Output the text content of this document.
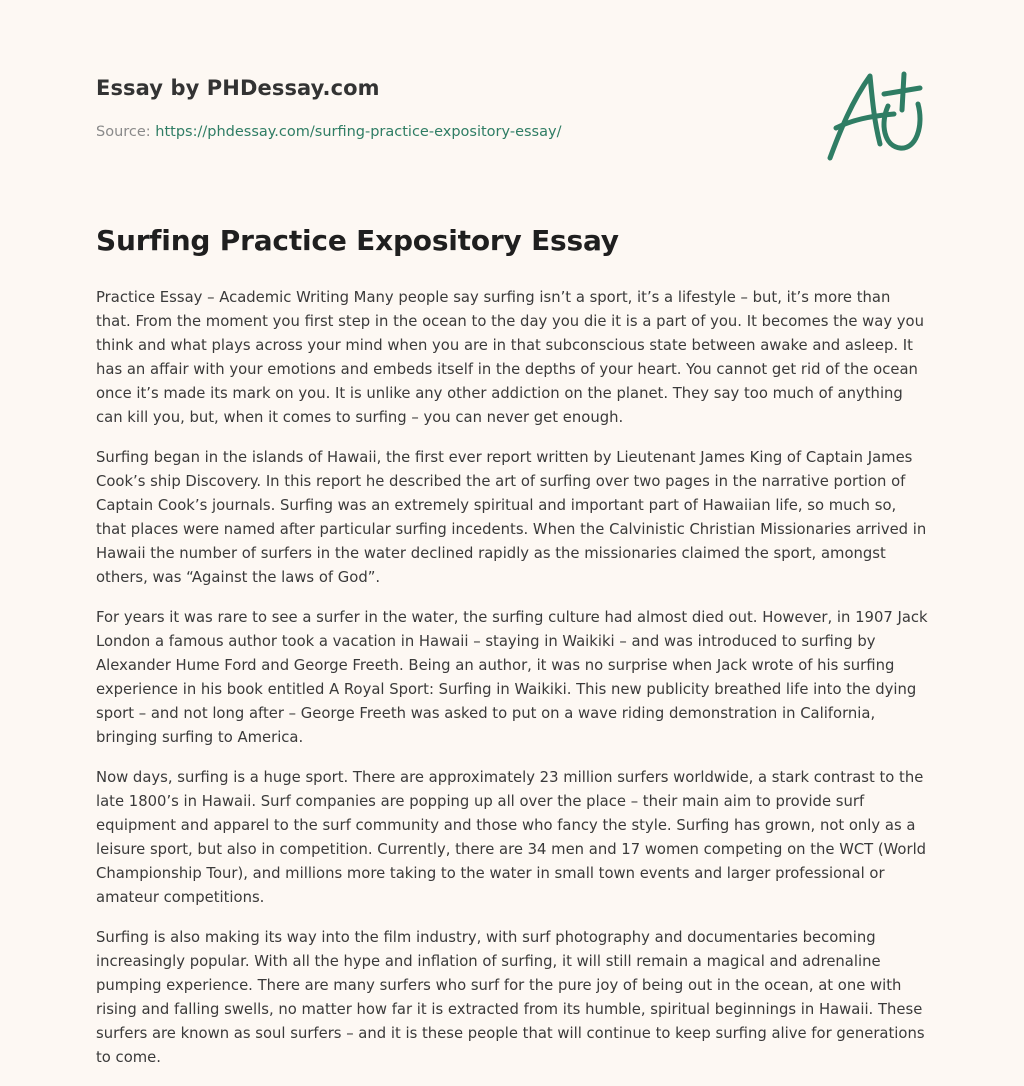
Essay by PHDessay.com
Source: https://phdessay.com/surfing-practice-expository-essay/
Surfing Practice Expository Essay

Practice Essay – Academic Writing Many people say surfing isn’t a sport, it’s a lifestyle – but, it’s more than that. From the moment you first step in the ocean to the day you die it is a part of you. It becomes the way you think and what plays across your mind when you are in that subconscious state between awake and asleep. It has an affair with your emotions and embeds itself in the depths of your heart. You cannot get rid of the ocean once it’s made its mark on you. It is unlike any other addiction on the planet. They say too much of anything can kill you, but, when it comes to surfing – you can never get enough.

Surfing began in the islands of Hawaii, the first ever report written by Lieutenant James King of Captain James Cook’s ship Discovery. In this report he described the art of surfing over two pages in the narrative portion of Captain Cook’s journals. Surfing was an extremely spiritual and important part of Hawaiian life, so much so, that places were named after particular surfing incedents. When the Calvinistic Christian Missionaries arrived in Hawaii the number of surfers in the water declined rapidly as the missionaries claimed the sport, amongst others, was “Against the laws of God”.

For years it was rare to see a surfer in the water, the surfing culture had almost died out. However, in 1907 Jack London a famous author took a vacation in Hawaii – staying in Waikiki – and was introduced to surfing by Alexander Hume Ford and George Freeth. Being an author, it was no surprise when Jack wrote of his surfing experience in his book entitled A Royal Sport: Surfing in Waikiki. This new publicity breathed life into the dying sport – and not long after – George Freeth was asked to put on a wave riding demonstration in California, bringing surfing to America.

Now days, surfing is a huge sport. There are approximately 23 million surfers worldwide, a stark contrast to the late 1800’s in Hawaii. Surf companies are popping up all over the place – their main aim to provide surf equipment and apparel to the surf community and those who fancy the style. Surfing has grown, not only as a leisure sport, but also in competition. Currently, there are 34 men and 17 women competing on the WCT (World Championship Tour), and millions more taking to the water in small town events and larger professional or amateur competitions.

Surfing is also making its way into the film industry, with surf photography and documentaries becoming increasingly popular. With all the hype and inflation of surfing, it will still remain a magical and adrenaline pumping experience. There are many surfers who surf for the pure joy of being out in the ocean, at one with rising and falling swells, no matter how far it is extracted from its humble, spiritual beginnings in Hawaii. These surfers are known as soul surfers – and it is these people that will continue to keep surfing alive for generations to come.
